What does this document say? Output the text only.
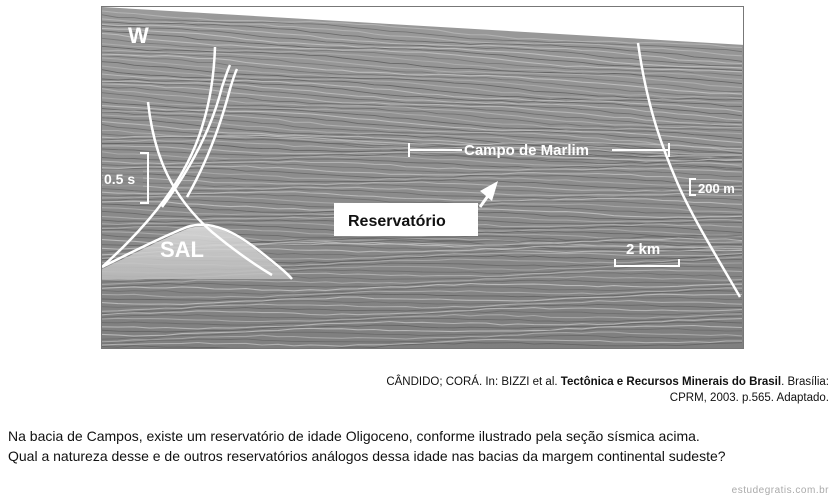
W	E
0.5 s
SAL
Campo de Marlim
200 m
Reservatório
2 km
CÂNDIDO; CORÁ. In: BIZZI et al. Tectônica e Recursos Minerais do Brasil. Brasília:
CPRM, 2003. p.565. Adaptado.

Na bacia de Campos, existe um reservatório de idade Oligoceno, conforme ilustrado pela seção sísmica acima.

Qual a natureza desse e de outros reservatórios análogos dessa idade nas bacias da margem continental sudeste?

estudegratis.com.br
